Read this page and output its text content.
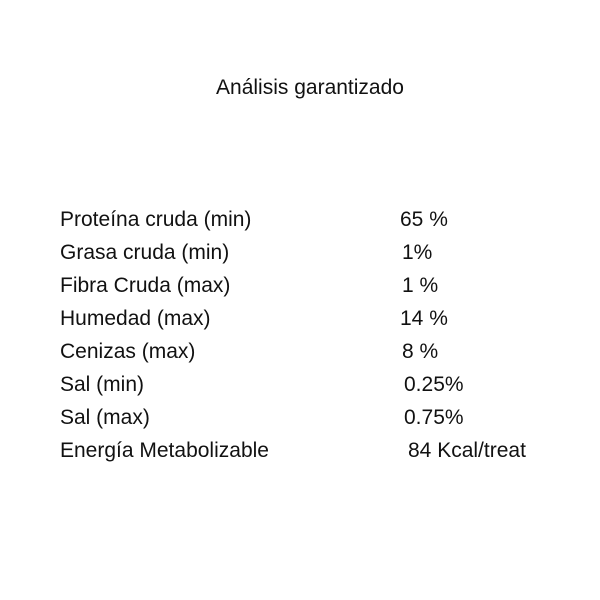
Análisis garantizado
Proteína cruda (min)	65 %
Grasa cruda (min)	1%
Fibra Cruda (max)	1 %
Humedad (max)	14 %
Cenizas (max)	8 %
Sal (min)	0.25%
Sal (max)	0.75%
Energía Metabolizable	84 Kcal/treat
